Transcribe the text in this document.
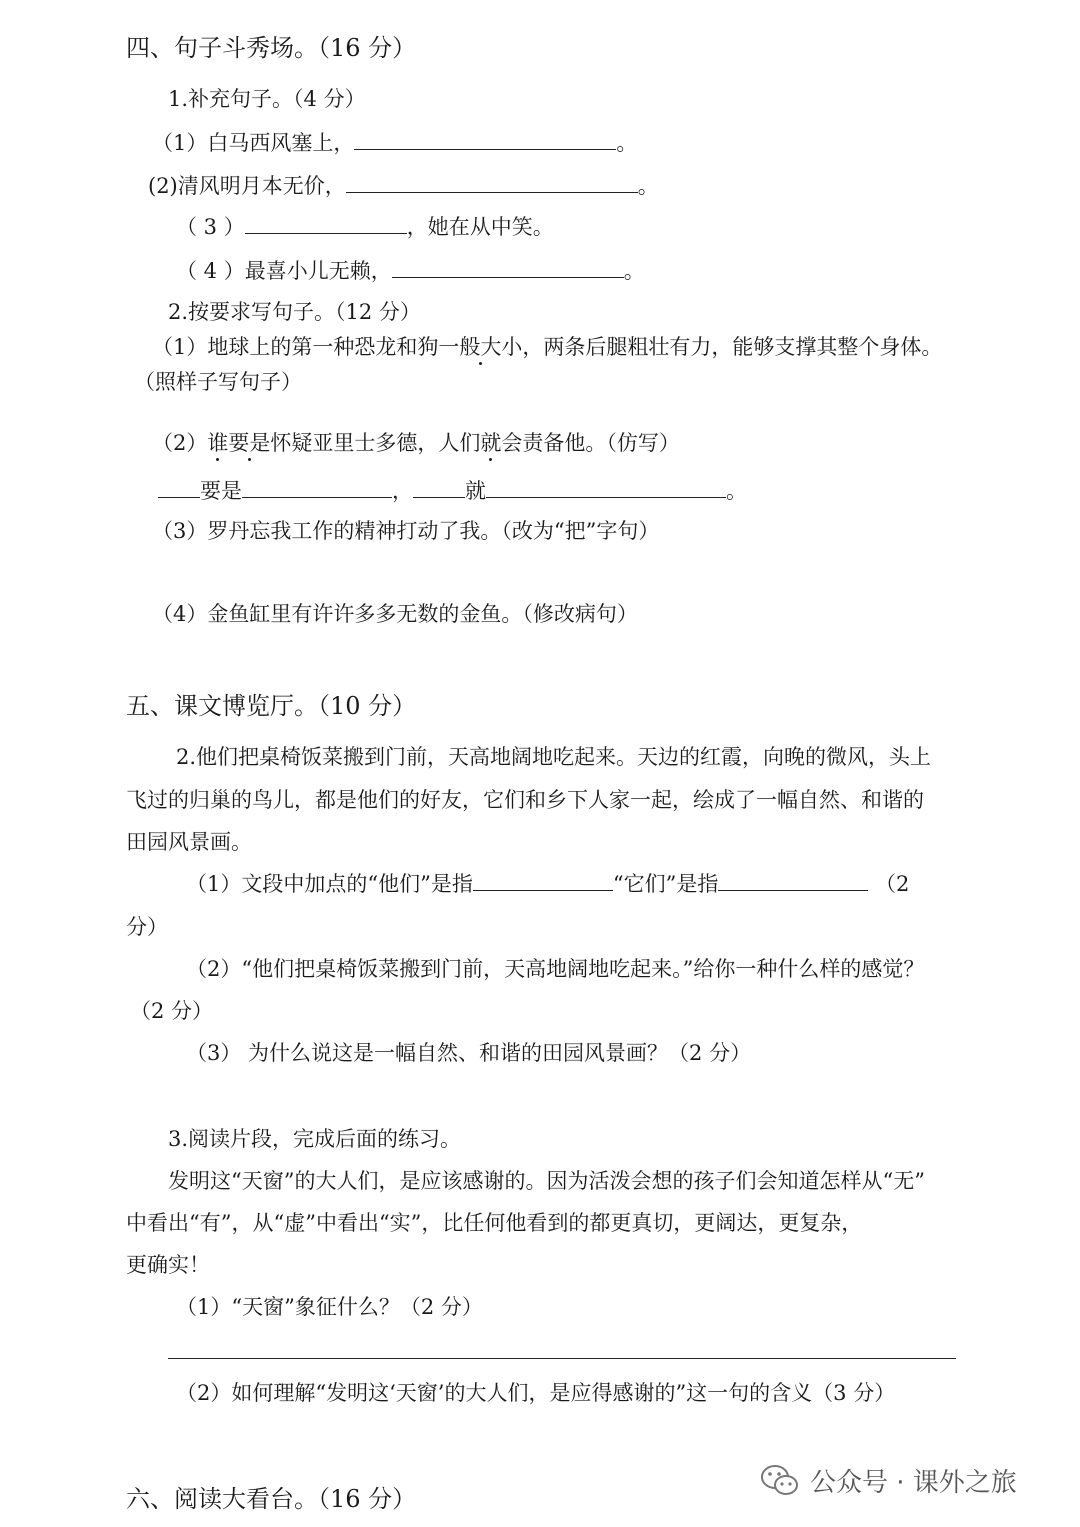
四、句子斗秀场。（16 分）
1.补充句子。（4 分）
（1）白马西风塞上，	。
(2)清风明月本无价，	。
（ 3 ）	，她在从中笑。
（ 4 ）最喜小儿无赖，	。
2.按要求写句子。（12 分）
（1）地球上的第一种恐龙和狗一般大小，两条后腿粗壮有力，能够支撑其整个身体。
（照样子写句子）
（2）谁要是怀疑亚里士多德，人们就会责备他。（仿写）
要是	， 就	。
（3）罗丹忘我工作的精神打动了我。（改为“把”字句）
（4）金鱼缸里有许许多多无数的金鱼。（修改病句）
五、课文博览厅。（10 分）
2.他们把桌椅饭菜搬到门前，天高地阔地吃起来。天边的红霞，向晚的微风，头上
飞过的归巢的鸟儿，都是他们的好友，它们和乡下人家一起，绘成了一幅自然、和谐的
田园风景画。
（1）文段中加点的“他们”是指	“它们”是指	（2
分）
（2）“他们把桌椅饭菜搬到门前，天高地阔地吃起来。”给你一种什么样的感觉？
（2 分）
（3） 为什么说这是一幅自然、和谐的田园风景画？（2 分）
3.阅读片段，完成后面的练习。
发明这“天窗”的大人们，是应该感谢的。因为活泼会想的孩子们会知道怎样从“无”
中看出“有”，从“虚”中看出“实”，比任何他看到的都更真切，更阔达，更复杂，
更确实！
（1）“天窗”象征什么？（2 分）
（2）如何理解“发明这‘天窗’的大人们，是应得感谢的”这一句的含义（3 分）
六、阅读大看台。（16 分）
公众号 · 课外之旅
